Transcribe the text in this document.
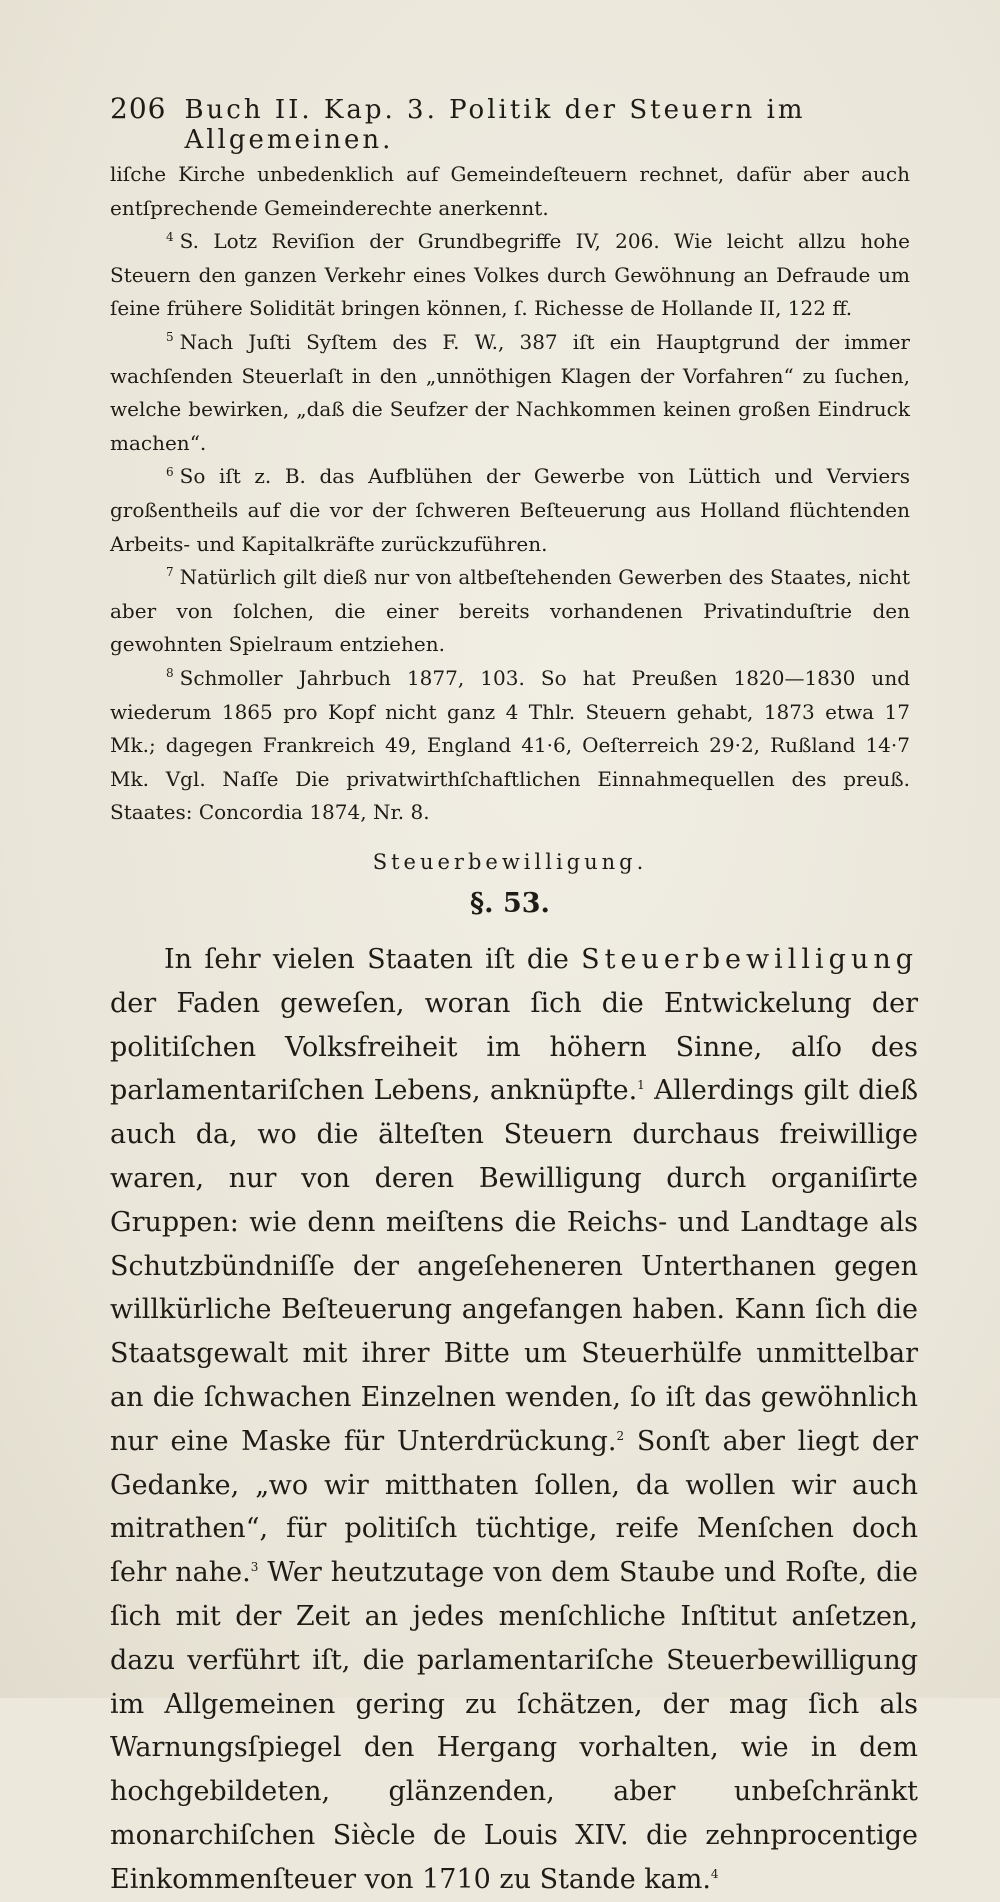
206 Buch II. Kap. 3. Politik der Steuern im Allgemeinen.

liſche Kirche unbedenklich auf Gemeindeſteuern rechnet, dafür aber auch entſprechende Gemeinderechte anerkennt.

$^4$ S. Lotz Reviſion der Grundbegriffe IV, 206. Wie leicht allzu hohe Steuern den ganzen Verkehr eines Volkes durch Gewöhnung an Defraude um ſeine frühere Solidität bringen können, ſ. Richesse de Hollande II, 122 ff.

$^5$ Nach Juſti Syſtem des F. W., 387 iſt ein Hauptgrund der immer wachſenden Steuerlaſt in den „unnöthigen Klagen der Vorfahren“ zu ſuchen, welche bewirken, „daß die Seufzer der Nachkommen keinen großen Eindruck machen“.

$^6$ So iſt z. B. das Aufblühen der Gewerbe von Lüttich und Verviers großentheils auf die vor der ſchweren Beſteuerung aus Holland flüchtenden Arbeits- und Kapitalkräfte zurückzuführen.

$^7$ Natürlich gilt dieß nur von altbeſtehenden Gewerben des Staates, nicht aber von ſolchen, die einer bereits vorhandenen Privatinduſtrie den gewohnten Spielraum entziehen.

$^8$ Schmoller Jahrbuch 1877, 103. So hat Preußen 1820—1830 und wiederum 1865 pro Kopf nicht ganz 4 Thlr. Steuern gehabt, 1873 etwa 17 Mk.; dagegen Frankreich 49, England 41·6, Oeſterreich 29·2, Rußland 14·7 Mk. Vgl. Naſſe Die privatwirthſchaftlichen Einnahmequellen des preuß. Staates: Concordia 1874, Nr. 8.

Steuerbewilligung.
§. 53.

In ſehr vielen Staaten iſt die Steuerbewilligung der Faden geweſen, woran ſich die Entwickelung der politiſchen Volksfreiheit im höhern Sinne, alſo des parlamentariſchen Lebens, anknüpfte.$^1$ Allerdings gilt dieß auch da, wo die älteſten Steuern durchaus freiwillige waren, nur von deren Bewilligung durch organiſirte Gruppen: wie denn meiſtens die Reichs- und Landtage als Schutzbündniſſe der angeſeheneren Unterthanen gegen willkürliche Beſteuerung angefangen haben. Kann ſich die Staatsgewalt mit ihrer Bitte um Steuerhülfe unmittelbar an die ſchwachen Einzelnen wenden, ſo iſt das gewöhnlich nur eine Maske für Unterdrückung.$^2$ Sonſt aber liegt der Gedanke, „wo wir mitthaten ſollen, da wollen wir auch mitrathen“, für politiſch tüchtige, reife Menſchen doch ſehr nahe.$^3$ Wer heutzutage von dem Staube und Roſte, die ſich mit der Zeit an jedes menſchliche Inſtitut anſetzen, dazu verführt iſt, die parlamentariſche Steuerbewilligung im Allgemeinen gering zu ſchätzen, der mag ſich als Warnungsſpiegel den Hergang vorhalten, wie in dem hochgebildeten, glänzenden, aber unbeſchränkt monarchiſchen Siècle de Louis XIV. die zehnprocentige Einkommenſteuer von 1710 zu Stande kam.$^4$
